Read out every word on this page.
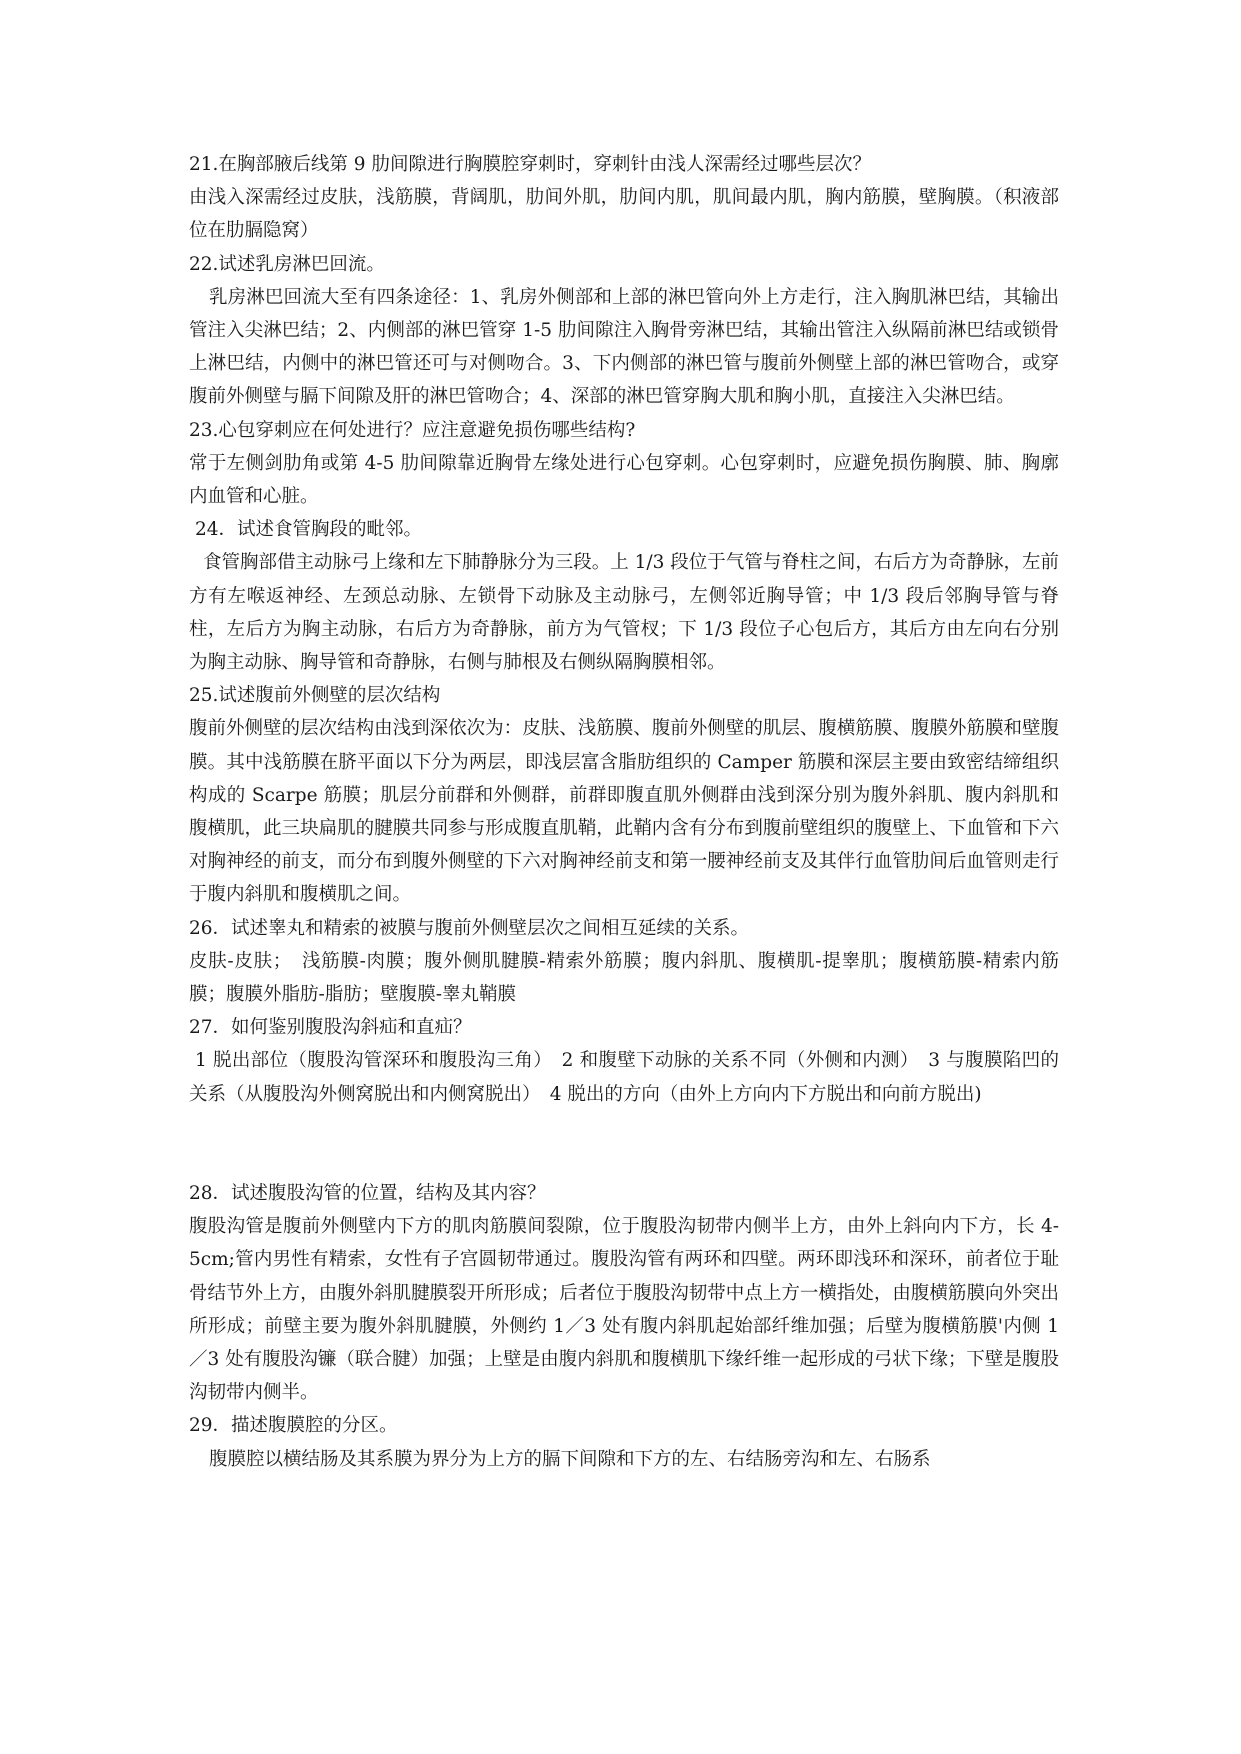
21.在胸部腋后线第 9 肋间隙进行胸膜腔穿刺时，穿刺针由浅人深需经过哪些层次？

由浅入深需经过皮肤，浅筋膜，背阔肌，肋间外肌，肋间内肌，肌间最内肌，胸内筋膜，壁胸膜。（积液部位在肋膈隐窝）

22.试述乳房淋巴回流。

乳房淋巴回流大至有四条途径：1、乳房外侧部和上部的淋巴管向外上方走行，注入胸肌淋巴结，其输出管注入尖淋巴结；2、内侧部的淋巴管穿 1-5 肋间隙注入胸骨旁淋巴结，其输出管注入纵隔前淋巴结或锁骨上淋巴结，内侧中的淋巴管还可与对侧吻合。3、下内侧部的淋巴管与腹前外侧壁上部的淋巴管吻合，或穿腹前外侧壁与膈下间隙及肝的淋巴管吻合；4、深部的淋巴管穿胸大肌和胸小肌，直接注入尖淋巴结。

23.心包穿刺应在何处进行？应注意避免损伤哪些结构?

常于左侧剑肋角或第 4-5 肋间隙靠近胸骨左缘处进行心包穿刺。心包穿刺时，应避免损伤胸膜、肺、胸廓内血管和心脏。

24．试述食管胸段的毗邻。

食管胸部借主动脉弓上缘和左下肺静脉分为三段。上 1/3 段位于气管与脊柱之间，右后方为奇静脉，左前方有左喉返神经、左颈总动脉、左锁骨下动脉及主动脉弓，左侧邻近胸导管；中 1/3 段后邻胸导管与脊柱，左后方为胸主动脉，右后方为奇静脉，前方为气管杈；下 1/3 段位子心包后方，其后方由左向右分别为胸主动脉、胸导管和奇静脉，右侧与肺根及右侧纵隔胸膜相邻。

25.试述腹前外侧壁的层次结构

腹前外侧壁的层次结构由浅到深依次为：皮肤、浅筋膜、腹前外侧壁的肌层、腹横筋膜、腹膜外筋膜和壁腹膜。其中浅筋膜在脐平面以下分为两层，即浅层富含脂肪组织的 Camper 筋膜和深层主要由致密结缔组织构成的 Scarpe 筋膜；肌层分前群和外侧群，前群即腹直肌外侧群由浅到深分别为腹外斜肌、腹内斜肌和腹横肌，此三块扁肌的腱膜共同参与形成腹直肌鞘，此鞘内含有分布到腹前壁组织的腹壁上、下血管和下六对胸神经的前支，而分布到腹外侧壁的下六对胸神经前支和第一腰神经前支及其伴行血管肋间后血管则走行于腹内斜肌和腹横肌之间。

26．试述睾丸和精索的被膜与腹前外侧壁层次之间相互延续的关系。

皮肤-皮肤；　浅筋膜-肉膜；腹外侧肌腱膜-精索外筋膜；腹内斜肌、腹横肌-提睾肌；腹横筋膜-精索内筋膜；腹膜外脂肪-脂肪；壁腹膜-睾丸鞘膜

27．如何鉴别腹股沟斜疝和直疝？

1 脱出部位（腹股沟管深环和腹股沟三角）　2 和腹壁下动脉的关系不同（外侧和内测）　3 与腹膜陷凹的关系（从腹股沟外侧窝脱出和内侧窝脱出）　4 脱出的方向（由外上方向内下方脱出和向前方脱出)

28．试述腹股沟管的位置，结构及其内容？

腹股沟管是腹前外侧壁内下方的肌肉筋膜间裂隙，位于腹股沟韧带内侧半上方，由外上斜向内下方，长 4-5cm;管内男性有精索，女性有子宫圆韧带通过。腹股沟管有两环和四壁。两环即浅环和深环，前者位于耻骨结节外上方，由腹外斜肌腱膜裂开所形成；后者位于腹股沟韧带中点上方一横指处，由腹横筋膜向外突出所形成；前壁主要为腹外斜肌腱膜，外侧约 1／3 处有腹内斜肌起始部纤维加强；后壁为腹横筋膜'内侧 1／3 处有腹股沟镰（联合腱）加强；上壁是由腹内斜肌和腹横肌下缘纤维一起形成的弓状下缘；下壁是腹股沟韧带内侧半。

29．描述腹膜腔的分区。

腹膜腔以横结肠及其系膜为界分为上方的膈下间隙和下方的左、右结肠旁沟和左、右肠系
